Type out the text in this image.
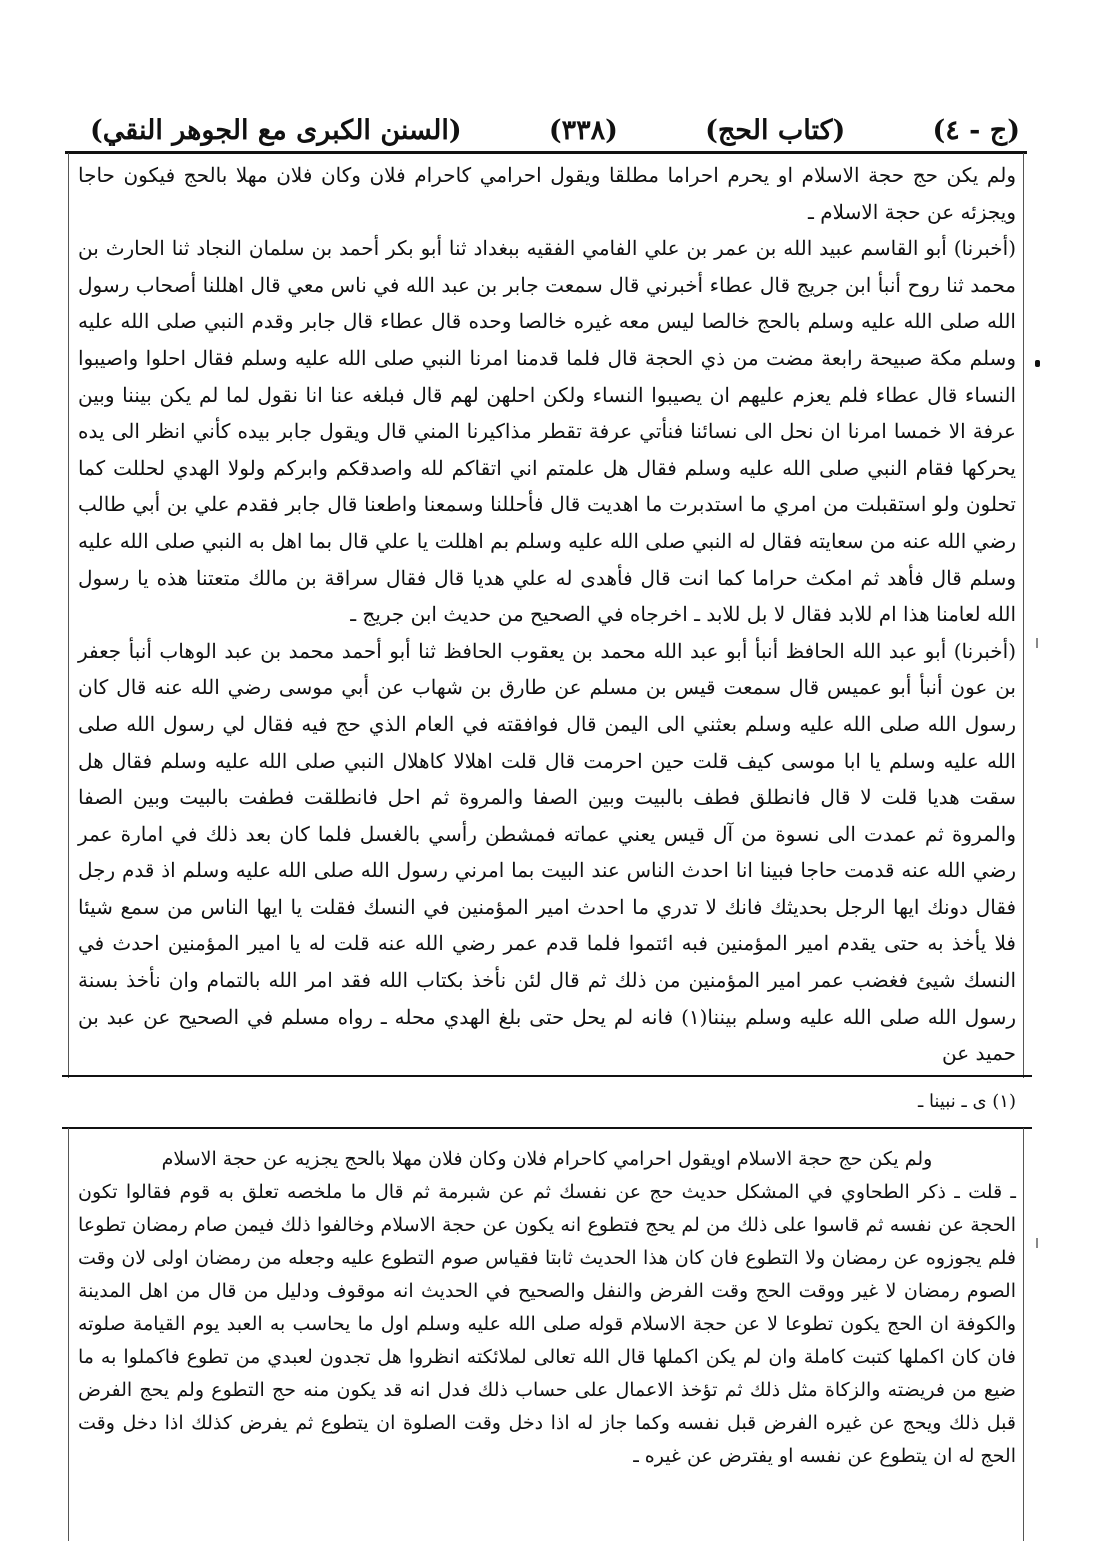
(السنن الكبرى مع الجوهر النقي)	(٣٣٨)	(كتاب الحج)	(ج - ٤)

ولم يكن حج حجة الاسلام او يحرم احراما مطلقا ويقول احرامي كاحرام فلان وكان فلان مهلا بالحج فيكون حاجا ويجزئه عن حجة الاسلام ـ

(أخبرنا) أبو القاسم عبيد الله بن عمر بن علي الفامي الفقيه ببغداد ثنا أبو بكر أحمد بن سلمان النجاد ثنا الحارث بن محمد ثنا روح أنبأ ابن جريج قال عطاء أخبرني قال سمعت جابر بن عبد الله في ناس معي قال اهللنا أصحاب رسول الله صلى الله عليه وسلم بالحج خالصا ليس معه غيره خالصا وحده قال عطاء قال جابر وقدم النبي صلى الله عليه وسلم مكة صبيحة رابعة مضت من ذي الحجة قال فلما قدمنا امرنا النبي صلى الله عليه وسلم فقال احلوا واصيبوا النساء قال عطاء فلم يعزم عليهم ان يصيبوا النساء ولكن احلهن لهم قال فبلغه عنا انا نقول لما لم يكن بيننا وبين عرفة الا خمسا امرنا ان نحل الى نسائنا فنأتي عرفة تقطر مذاكيرنا المني قال ويقول جابر بيده كأني انظر الى يده يحركها فقام النبي صلى الله عليه وسلم فقال هل علمتم اني اتقاكم لله واصدقكم وابركم ولولا الهدي لحللت كما تحلون ولو استقبلت من امري ما استدبرت ما اهديت قال فأحللنا وسمعنا واطعنا قال جابر فقدم علي بن أبي طالب رضي الله عنه من سعايته فقال له النبي صلى الله عليه وسلم بم اهللت يا علي قال بما اهل به النبي صلى الله عليه وسلم قال فأهد ثم امكث حراما كما انت قال فأهدى له علي هديا قال فقال سراقة بن مالك متعتنا هذه يا رسول الله لعامنا هذا ام للابد فقال لا بل للابد ـ اخرجاه في الصحيح من حديث ابن جريج ـ

(أخبرنا) أبو عبد الله الحافظ أنبأ أبو عبد الله محمد بن يعقوب الحافظ ثنا أبو أحمد محمد بن عبد الوهاب أنبأ جعفر بن عون أنبأ أبو عميس قال سمعت قيس بن مسلم عن طارق بن شهاب عن أبي موسى رضي الله عنه قال كان رسول الله صلى الله عليه وسلم بعثني الى اليمن قال فوافقته في العام الذي حج فيه فقال لي رسول الله صلى الله عليه وسلم يا ابا موسى كيف قلت حين احرمت قال قلت اهلالا كاهلال النبي صلى الله عليه وسلم فقال هل سقت هديا قلت لا قال فانطلق فطف بالبيت وبين الصفا والمروة ثم احل فانطلقت فطفت بالبيت وبين الصفا والمروة ثم عمدت الى نسوة من آل قيس يعني عماته فمشطن رأسي بالغسل فلما كان بعد ذلك في امارة عمر رضي الله عنه قدمت حاجا فبينا انا احدث الناس عند البيت بما امرني رسول الله صلى الله عليه وسلم اذ قدم رجل فقال دونك ايها الرجل بحديثك فانك لا تدري ما احدث امير المؤمنين في النسك فقلت يا ايها الناس من سمع شيئا فلا يأخذ به حتى يقدم امير المؤمنين فبه ائتموا فلما قدم عمر رضي الله عنه قلت له يا امير المؤمنين احدث في النسك شيئ فغضب عمر امير المؤمنين من ذلك ثم قال لئن نأخذ بكتاب الله فقد امر الله بالتمام وان نأخذ بسنة رسول الله صلى الله عليه وسلم بيننا(١) فانه لم يحل حتى بلغ الهدي محله ـ رواه مسلم في الصحيح عن عبد بن حميد عن

(١) ى ـ نبينا ـ

ولم يكن حج حجة الاسلام اويقول احرامي كاحرام فلان وكان فلان مهلا بالحج يجزيه عن حجة الاسلام

ـ قلت ـ ذكر الطحاوي في المشكل حديث حج عن نفسك ثم عن شبرمة ثم قال ما ملخصه تعلق به قوم فقالوا تكون الحجة عن نفسه ثم قاسوا على ذلك من لم يحج فتطوع انه يكون عن حجة الاسلام وخالفوا ذلك فيمن صام رمضان تطوعا فلم يجوزوه عن رمضان ولا التطوع فان كان هذا الحديث ثابتا فقياس صوم التطوع عليه وجعله من رمضان اولى لان وقت الصوم رمضان لا غير ووقت الحج وقت الفرض والنفل والصحيح في الحديث انه موقوف ودليل من قال من اهل المدينة والكوفة ان الحج يكون تطوعا لا عن حجة الاسلام قوله صلى الله عليه وسلم اول ما يحاسب به العبد يوم القيامة صلوته فان كان اكملها كتبت كاملة وان لم يكن اكملها قال الله تعالى لملائكته انظروا هل تجدون لعبدي من تطوع فاكملوا به ما ضيع من فريضته والزكاة مثل ذلك ثم تؤخذ الاعمال على حساب ذلك فدل انه قد يكون منه حج التطوع ولم يحج الفرض قبل ذلك ويحج عن غيره الفرض قبل نفسه وكما جاز له اذا دخل وقت الصلوة ان يتطوع ثم يفرض كذلك اذا دخل وقت الحج له ان يتطوع عن نفسه او يفترض عن غيره ـ
